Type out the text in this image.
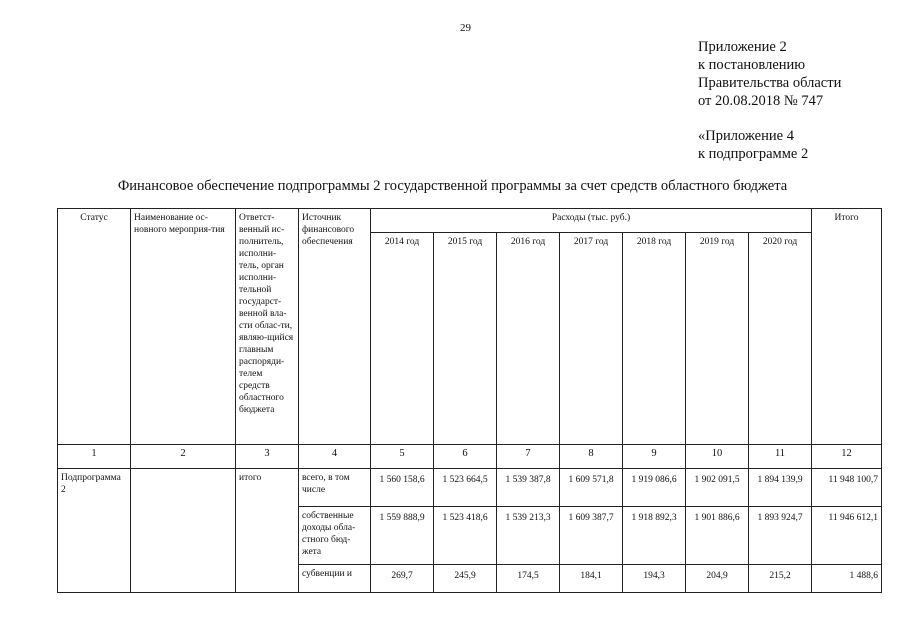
29
Приложение 2
к постановлению
Правительства области
от 20.08.2018 № 747
«Приложение 4
к подпрограмме 2
Финансовое обеспечение подпрограммы 2 государственной программы за счет средств областного бюджета
Статус	Наименование ос-новного мероприя-тия	Ответст-венный ис-полнитель, исполни-тель, орган исполни-тельной государст-венной вла-сти облас-ти, являю-щийся главным распоряди-телем средств областного бюджета	Источник финансового обеспечения	Расходы (тыс. руб.)							Итого
				2014 год	2015 год	2016 год	2017 год	2018 год	2019 год	2020 год	
1	2	3	4	5	6	7	8	9	10	11	12
Подпрограмма 2		итого	всего, в том числе	1 560 158,6	1 523 664,5	1 539 387,8	1 609 571,8	1 919 086,6	1 902 091,5	1 894 139,9	11 948 100,7
			собственные доходы обла-стного бюд-жета	1 559 888,9	1 523 418,6	1 539 213,3	1 609 387,7	1 918 892,3	1 901 886,6	1 893 924,7	11 946 612,1
			субвенции и	269,7	245,9	174,5	184,1	194,3	204,9	215,2	1 488,6
